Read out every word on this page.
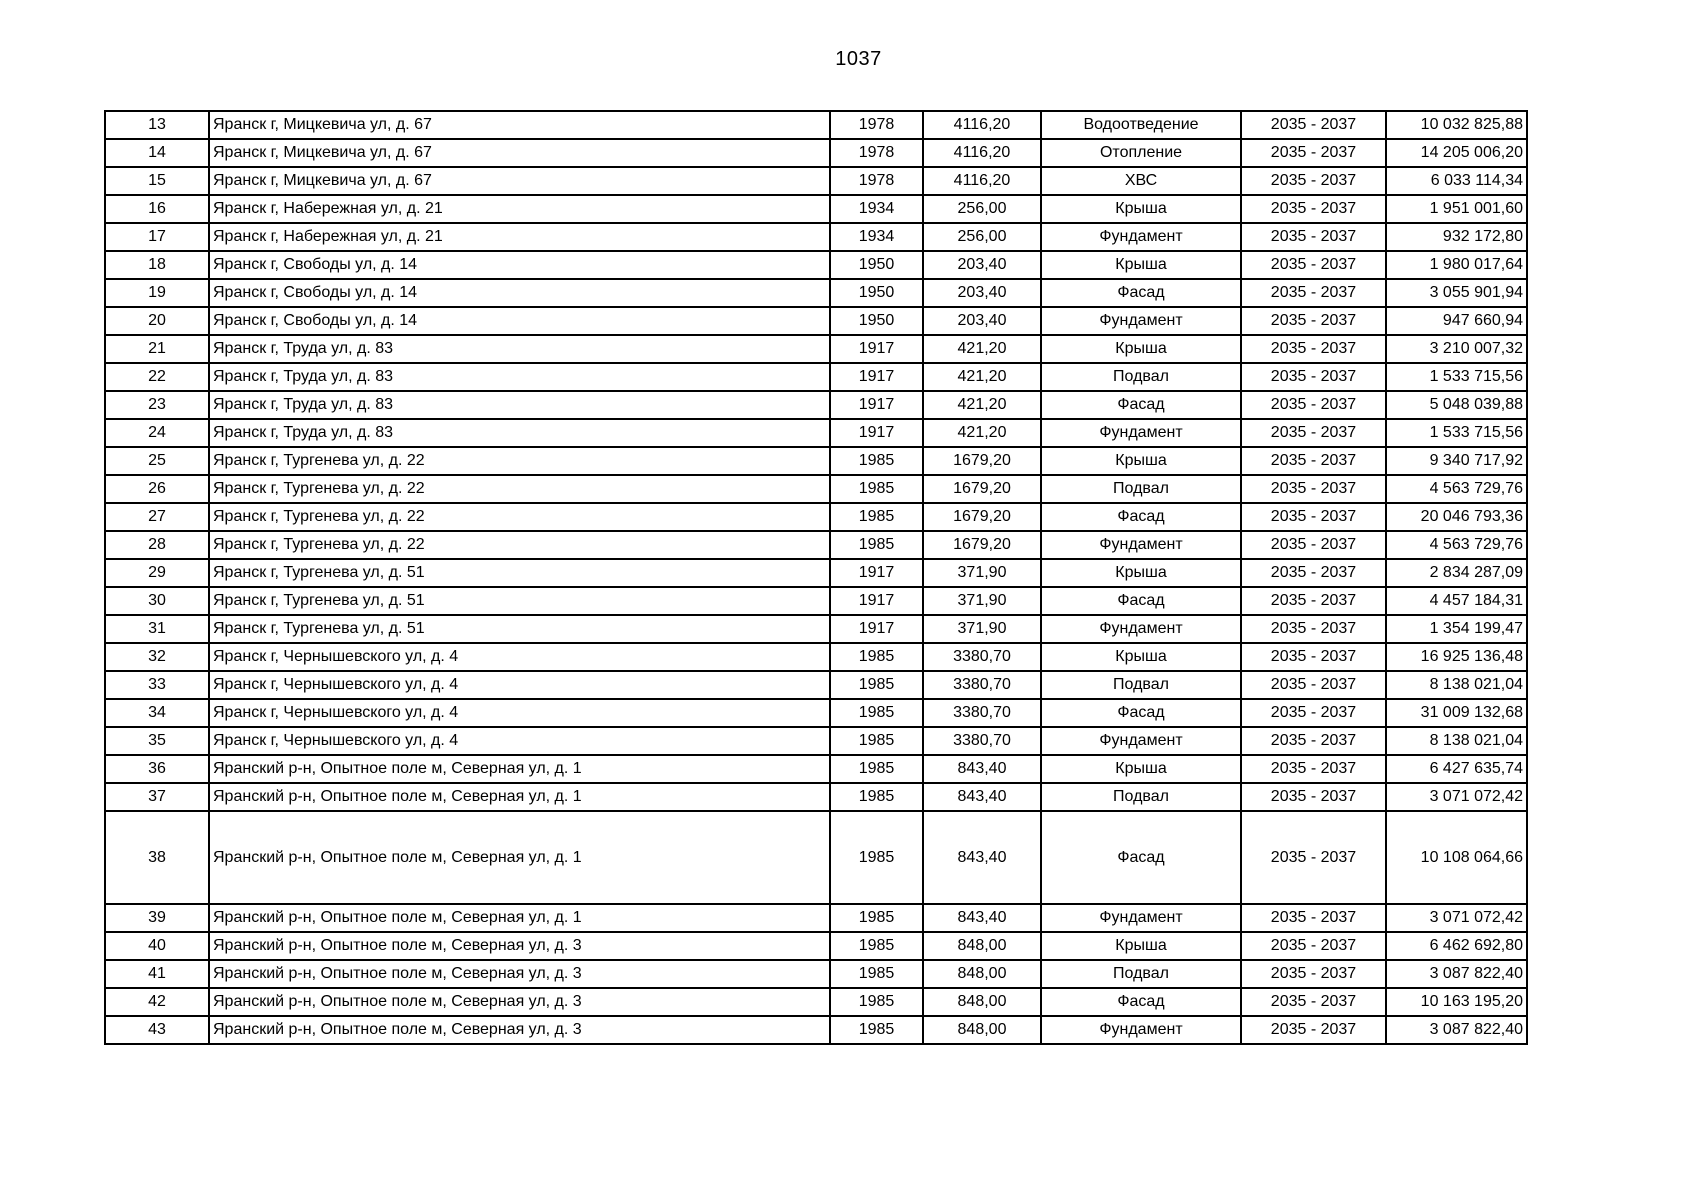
1037
13	Яранск г, Мицкевича ул, д. 67	1978	4116,20	Водоотведение	2035 - 2037	10 032 825,88
14	Яранск г, Мицкевича ул, д. 67	1978	4116,20	Отопление	2035 - 2037	14 205 006,20
15	Яранск г, Мицкевича ул, д. 67	1978	4116,20	ХВС	2035 - 2037	6 033 114,34
16	Яранск г, Набережная ул, д. 21	1934	256,00	Крыша	2035 - 2037	1 951 001,60
17	Яранск г, Набережная ул, д. 21	1934	256,00	Фундамент	2035 - 2037	932 172,80
18	Яранск г, Свободы ул, д. 14	1950	203,40	Крыша	2035 - 2037	1 980 017,64
19	Яранск г, Свободы ул, д. 14	1950	203,40	Фасад	2035 - 2037	3 055 901,94
20	Яранск г, Свободы ул, д. 14	1950	203,40	Фундамент	2035 - 2037	947 660,94
21	Яранск г, Труда ул, д. 83	1917	421,20	Крыша	2035 - 2037	3 210 007,32
22	Яранск г, Труда ул, д. 83	1917	421,20	Подвал	2035 - 2037	1 533 715,56
23	Яранск г, Труда ул, д. 83	1917	421,20	Фасад	2035 - 2037	5 048 039,88
24	Яранск г, Труда ул, д. 83	1917	421,20	Фундамент	2035 - 2037	1 533 715,56
25	Яранск г, Тургенева ул, д. 22	1985	1679,20	Крыша	2035 - 2037	9 340 717,92
26	Яранск г, Тургенева ул, д. 22	1985	1679,20	Подвал	2035 - 2037	4 563 729,76
27	Яранск г, Тургенева ул, д. 22	1985	1679,20	Фасад	2035 - 2037	20 046 793,36
28	Яранск г, Тургенева ул, д. 22	1985	1679,20	Фундамент	2035 - 2037	4 563 729,76
29	Яранск г, Тургенева ул, д. 51	1917	371,90	Крыша	2035 - 2037	2 834 287,09
30	Яранск г, Тургенева ул, д. 51	1917	371,90	Фасад	2035 - 2037	4 457 184,31
31	Яранск г, Тургенева ул, д. 51	1917	371,90	Фундамент	2035 - 2037	1 354 199,47
32	Яранск г, Чернышевского ул, д. 4	1985	3380,70	Крыша	2035 - 2037	16 925 136,48
33	Яранск г, Чернышевского ул, д. 4	1985	3380,70	Подвал	2035 - 2037	8 138 021,04
34	Яранск г, Чернышевского ул, д. 4	1985	3380,70	Фасад	2035 - 2037	31 009 132,68
35	Яранск г, Чернышевского ул, д. 4	1985	3380,70	Фундамент	2035 - 2037	8 138 021,04
36	Яранский р-н, Опытное поле м, Северная ул, д. 1	1985	843,40	Крыша	2035 - 2037	6 427 635,74
37	Яранский р-н, Опытное поле м, Северная ул, д. 1	1985	843,40	Подвал	2035 - 2037	3 071 072,42
38	Яранский р-н, Опытное поле м, Северная ул, д. 1	1985	843,40	Фасад	2035 - 2037	10 108 064,66
39	Яранский р-н, Опытное поле м, Северная ул, д. 1	1985	843,40	Фундамент	2035 - 2037	3 071 072,42
40	Яранский р-н, Опытное поле м, Северная ул, д. 3	1985	848,00	Крыша	2035 - 2037	6 462 692,80
41	Яранский р-н, Опытное поле м, Северная ул, д. 3	1985	848,00	Подвал	2035 - 2037	3 087 822,40
42	Яранский р-н, Опытное поле м, Северная ул, д. 3	1985	848,00	Фасад	2035 - 2037	10 163 195,20
43	Яранский р-н, Опытное поле м, Северная ул, д. 3	1985	848,00	Фундамент	2035 - 2037	3 087 822,40
